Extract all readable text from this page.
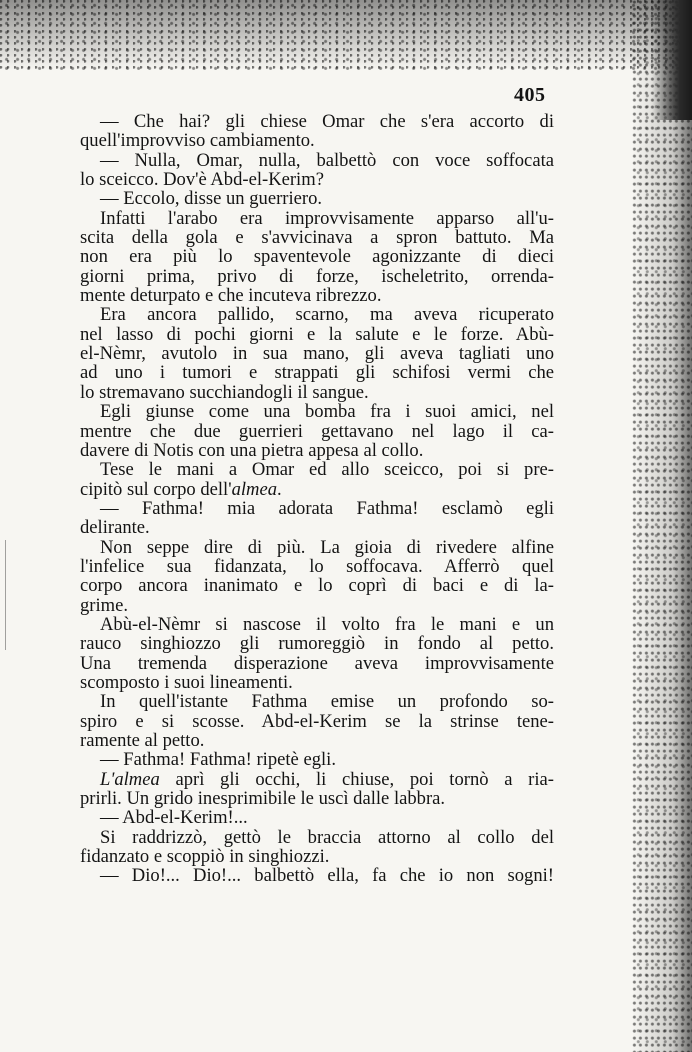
405
— Che hai? gli chiese Omar che s'era accorto di
quell'improvviso cambiamento.
— Nulla, Omar, nulla, balbettò con voce soffocata
lo sceicco. Dov'è Abd-el-Kerim?
— Eccolo, disse un guerriero.
Infatti l'arabo era improvvisamente apparso all'u-
scita della gola e s'avvicinava a spron battuto. Ma
non era più lo spaventevole agonizzante di dieci
giorni prima, privo di forze, ischeletrito, orrenda-
mente deturpato e che incuteva ribrezzo.
Era ancora pallido, scarno, ma aveva ricuperato
nel lasso di pochi giorni e la salute e le forze. Abù-
el-Nèmr, avutolo in sua mano, gli aveva tagliati uno
ad uno i tumori e strappati gli schifosi vermi che
lo stremavano succhiandogli il sangue.
Egli giunse come una bomba fra i suoi amici, nel
mentre che due guerrieri gettavano nel lago il ca-
davere di Notis con una pietra appesa al collo.
Tese le mani a Omar ed allo sceicco, poi si pre-
cipitò sul corpo dell'almea.
— Fathma! mia adorata Fathma! esclamò egli
delirante.
Non seppe dire di più. La gioia di rivedere alfine
l'infelice sua fidanzata, lo soffocava. Afferrò quel
corpo ancora inanimato e lo coprì di baci e di la-
grime.
Abù-el-Nèmr si nascose il volto fra le mani e un
rauco singhiozzo gli rumoreggiò in fondo al petto.
Una tremenda disperazione aveva improvvisamente
scomposto i suoi lineamenti.
In quell'istante Fathma emise un profondo so-
spiro e si scosse. Abd-el-Kerim se la strinse tene-
ramente al petto.
— Fathma! Fathma! ripetè egli.
L'almea aprì gli occhi, li chiuse, poi tornò a ria-
prirli. Un grido inesprimibile le uscì dalle labbra.
— Abd-el-Kerim!...
Si raddrizzò, gettò le braccia attorno al collo del
fidanzato e scoppiò in singhiozzi.
— Dio!... Dio!... balbettò ella, fa che io non sogni!
